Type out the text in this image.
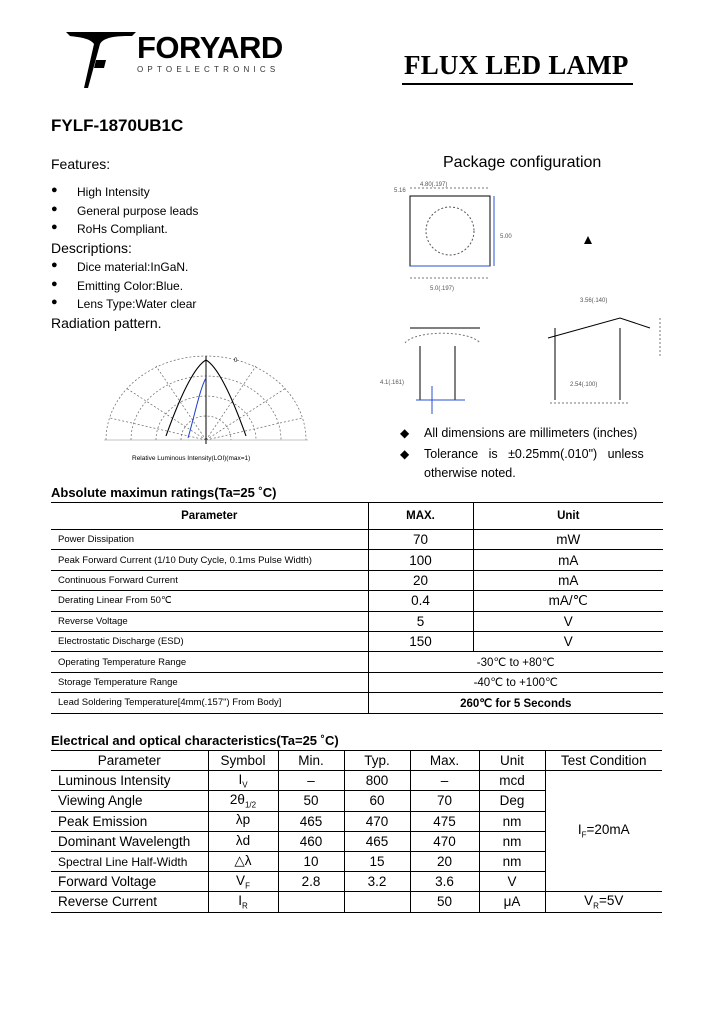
FORYARD
OPTOELECTRONICS	FLUX LED LAMP
FYLF-1870UB1C
Features:
● High Intensity
● General purpose leads
● RoHs Compliant.
Descriptions:
● Dice material:InGaN.
● Emitting Color:Blue.
● Lens Type:Water clear
Radiation pattern.
0
Relative Luminous Intensity(LOI)(max=1)
Package configuration
4.80(.197)
5.16
5.00
5.0(.197)
3.56(.140)
2.54(.100)
4.1(.161)
◆ All dimensions are millimeters (inches)
◆ Tolerance   is   ±0.25mm(.010")   unless otherwise noted.
Absolute maximun ratings(Ta=25 ˚C)
Parameter	MAX.	Unit
Power Dissipation	70	mW
Peak Forward Current (1/10 Duty Cycle, 0.1ms Pulse Width)	100	mA
Continuous Forward Current	20	mA
Derating Linear From 50℃	0.4	mA/℃
Reverse Voltage	5	V
Electrostatic Discharge (ESD)	150	V
Operating Temperature Range	-30℃ to +80℃	
Storage Temperature Range	-40℃ to +100℃	
Lead Soldering Temperature[4mm(.157") From Body]	260℃ for 5 Seconds	
Electrical and optical characteristics(Ta=25 ˚C)
Parameter	Symbol	Min.	Typ.	Max.	Unit	Test Condition
Luminous Intensity	$I_V$	–	800	–	mcd	$I_F=20mA$
Viewing Angle	$2\theta_{1/2}$	50	60	70	Deg	
Peak Emission	λp	465	470	475	nm	
Dominant Wavelength	λd	460	465	470	nm	
Spectral Line Half-Width	△λ	10	15	20	nm	
Forward Voltage	$V_F$	2.8	3.2	3.6	V	
Reverse Current	$I_R$			50	μA	$V_R=5V$
